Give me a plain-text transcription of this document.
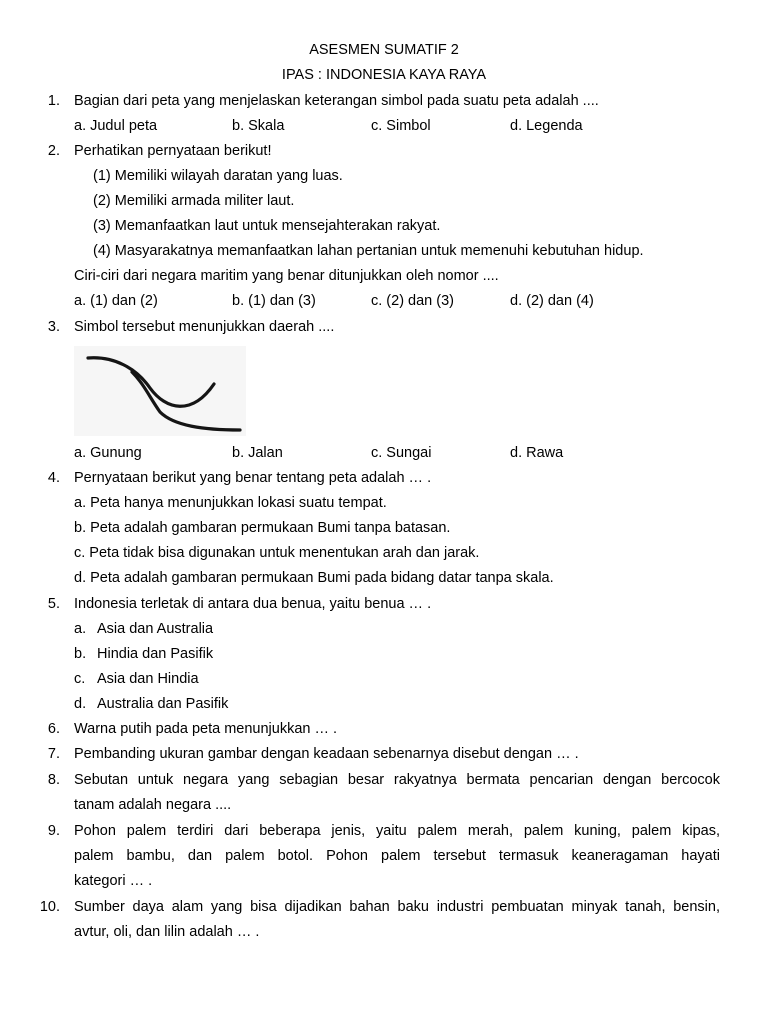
ASESMEN SUMATIF 2
IPAS : INDONESIA KAYA RAYA
1. Bagian dari peta yang menjelaskan keterangan simbol pada suatu peta adalah ....
a. Judul peta	b. Skala	c. Simbol	d. Legenda
2. Perhatikan pernyataan berikut!
(1) Memiliki wilayah daratan yang luas.
(2) Memiliki armada militer laut.
(3) Memanfaatkan laut untuk mensejahterakan rakyat.
(4) Masyarakatnya memanfaatkan lahan pertanian untuk memenuhi kebutuhan hidup.
Ciri-ciri dari negara maritim yang benar ditunjukkan oleh nomor ....
a. (1) dan (2)	b. (1) dan (3)	c. (2) dan (3)	d. (2) dan (4)
3. Simbol tersebut menunjukkan daerah ....
a. Gunung	b. Jalan	c. Sungai	d. Rawa
4. Pernyataan berikut yang benar tentang peta adalah … .
a. Peta hanya menunjukkan lokasi suatu tempat.
b. Peta adalah gambaran permukaan Bumi tanpa batasan.
c. Peta tidak bisa digunakan untuk menentukan arah dan jarak.
d. Peta adalah gambaran permukaan Bumi pada bidang datar tanpa skala.
5. Indonesia terletak di antara dua benua, yaitu benua … .
a. Asia dan Australia
b. Hindia dan Pasifik
c. Asia dan Hindia
d. Australia dan Pasifik
6. Warna putih pada peta menunjukkan … .
7. Pembanding ukuran gambar dengan keadaan sebenarnya disebut dengan … .
8. Sebutan untuk negara yang sebagian besar rakyatnya bermata pencarian dengan bercocok
tanam adalah negara ....
9. Pohon palem terdiri dari beberapa jenis, yaitu palem merah, palem kuning, palem kipas,
palem bambu, dan palem botol. Pohon palem tersebut termasuk keaneragaman hayati
kategori … .
10. Sumber daya alam yang bisa dijadikan bahan baku industri pembuatan minyak tanah, bensin,
avtur, oli, dan lilin adalah … .
